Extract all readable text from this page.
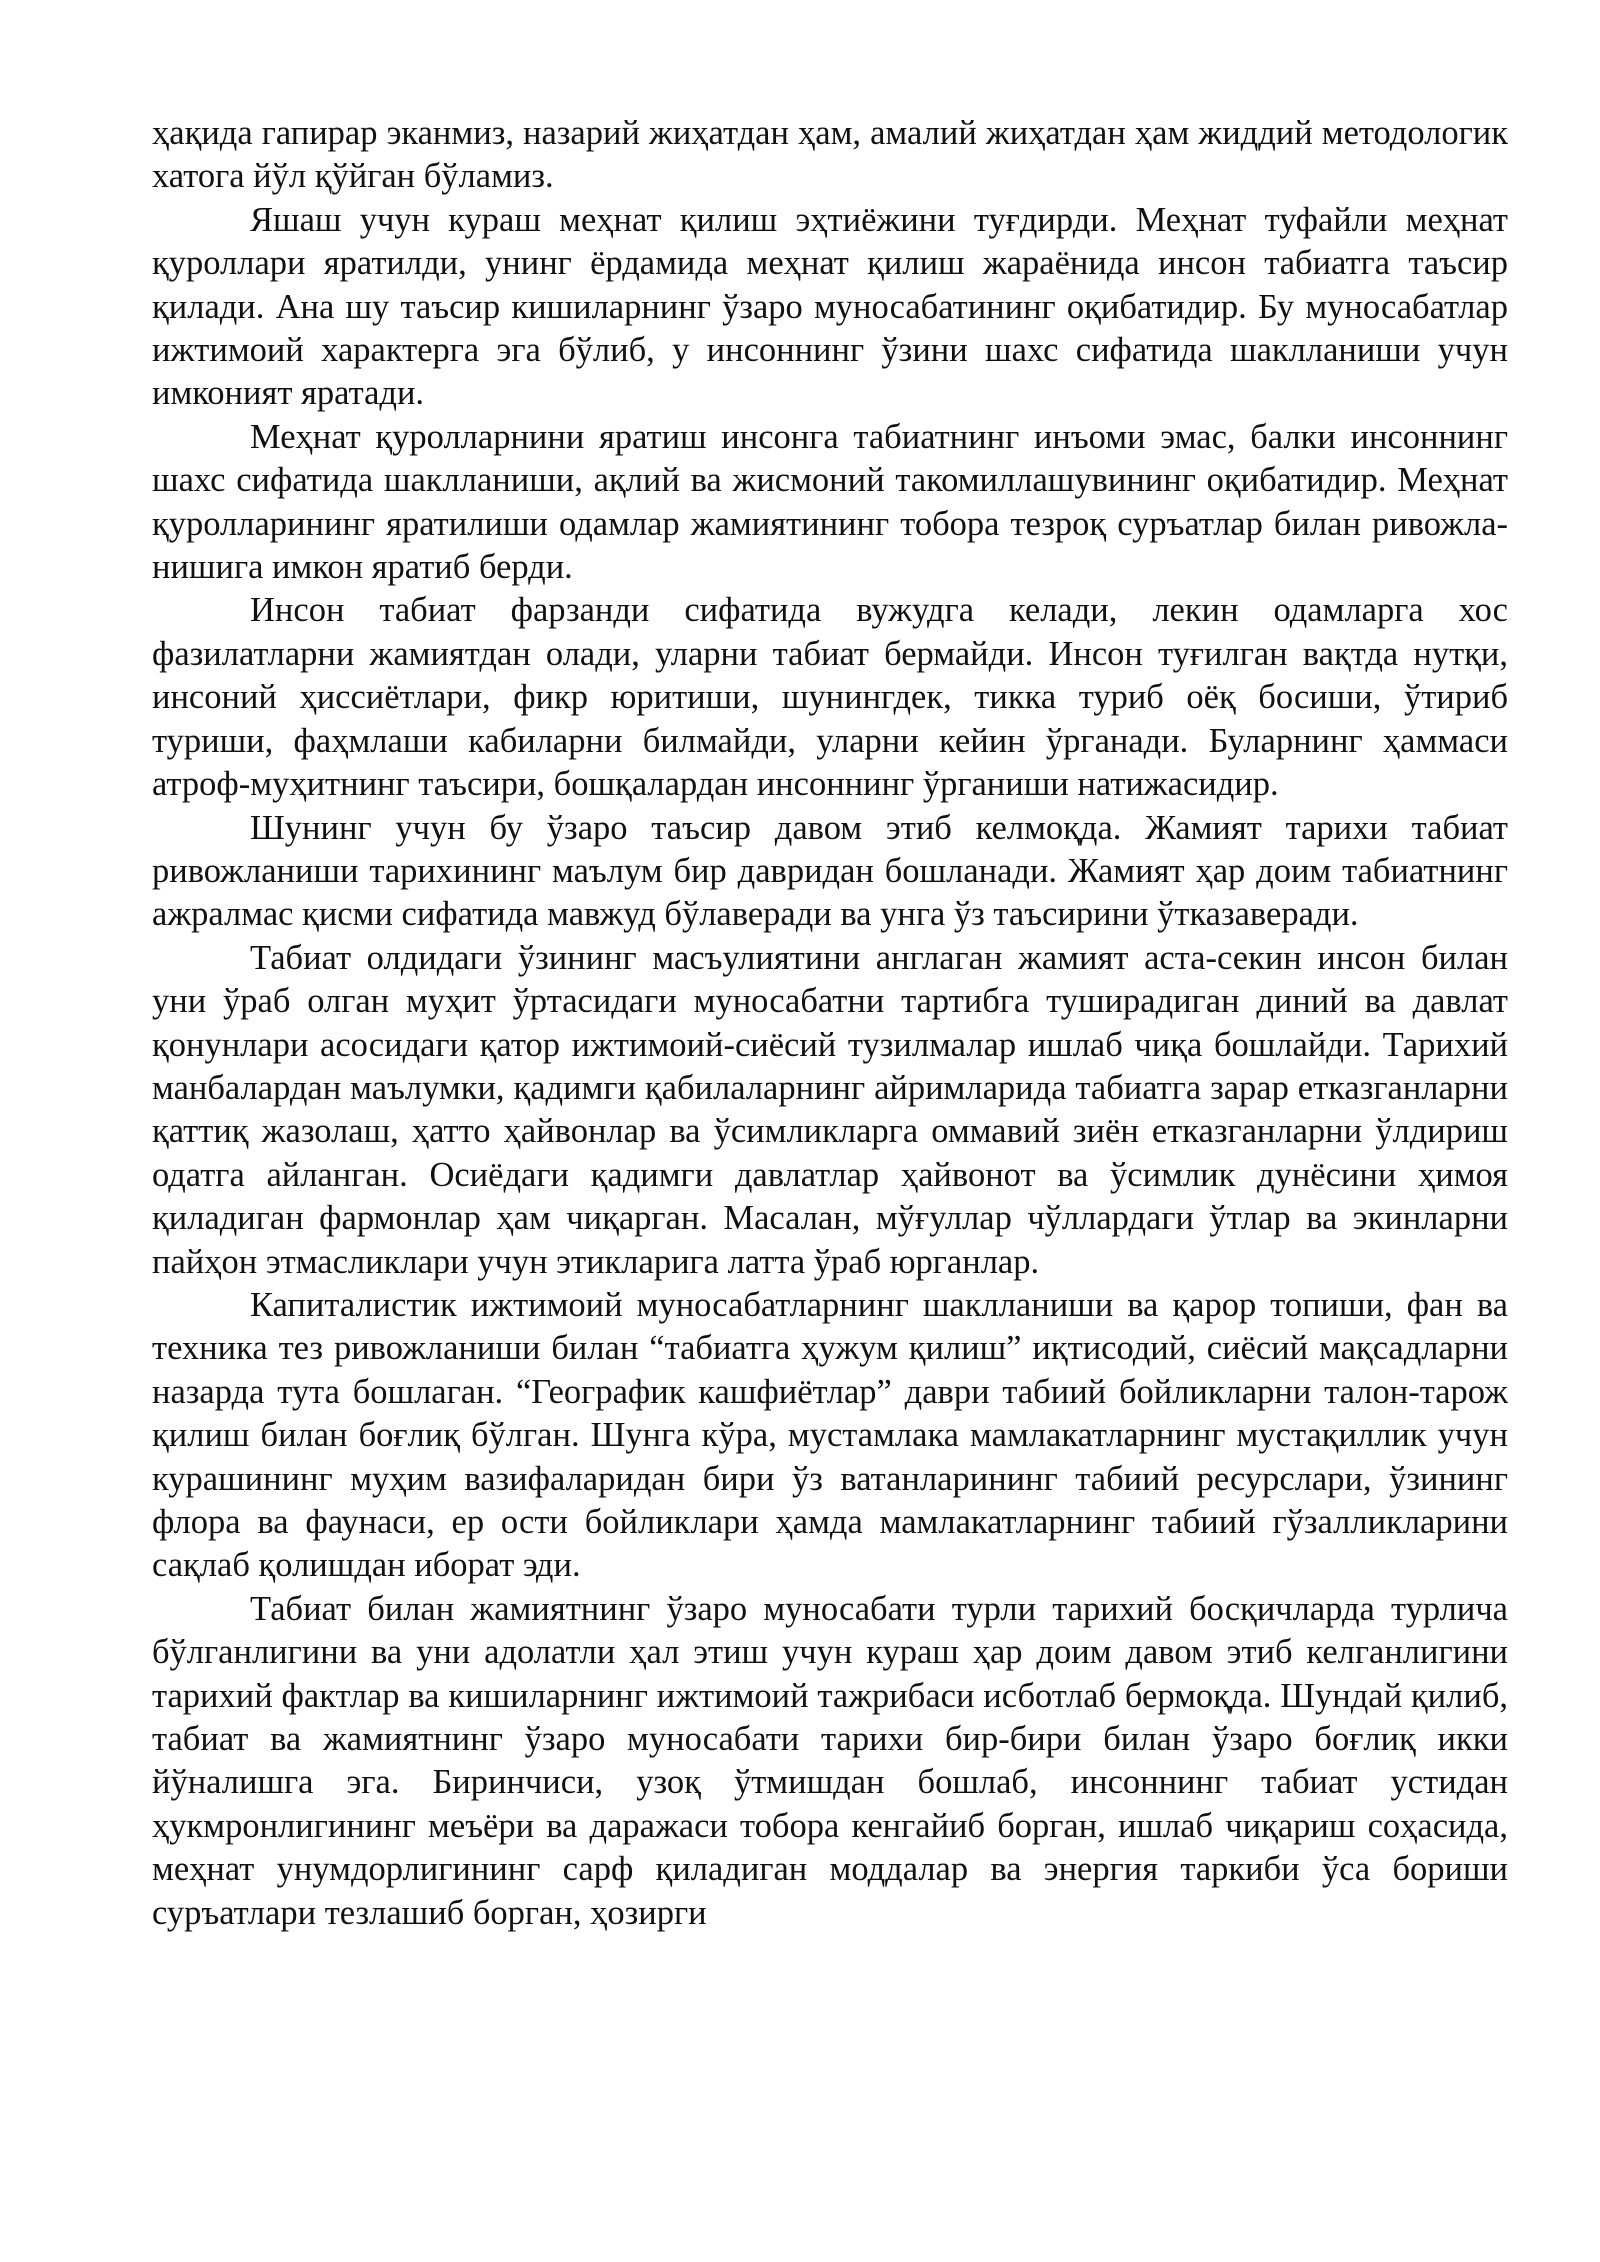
ҳақида гапирар эканмиз, назарий жиҳатдан ҳам, амалий жиҳатдан ҳам жиддий методологик хатога йўл қўйган бўламиз.

Яшаш учун кураш меҳнат қилиш эҳтиёжини туғдирди. Меҳнат туфайли меҳнат қуроллари яратилди, унинг ёрдамида меҳнат қилиш жараёнида инсон табиатга таъсир қилади. Ана шу таъсир кишиларнинг ўзаро муносабатининг оқибатидир. Бу муносабатлар ижтимоий характерга эга бўлиб, у инсоннинг ўзини шахс сифатида шаклланиши учун имконият яратади.

Меҳнат қуролларнини яратиш инсонга табиатнинг инъоми эмас, балки инсоннинг шахс сифатида шаклланиши, ақлий ва жисмоний такомиллашувининг оқибатидир. Меҳнат қуролларининг яратилиши одамлар жамиятининг тобора тезроқ суръатлар билан ривожла-нишига имкон яратиб берди.

Инсон табиат фарзанди сифатида вужудга келади, лекин одамларга хос фазилатларни жамиятдан олади, уларни табиат бермайди. Инсон туғилган вақтда нутқи, инсоний ҳиссиётлари, фикр юритиши, шунингдек, тикка туриб оёқ босиши, ўтириб туриши, фаҳмлаши кабиларни билмайди, уларни кейин ўрганади. Буларнинг ҳаммаси атроф-муҳитнинг таъсири, бошқалардан инсоннинг ўрганиши натижасидир.

Шунинг учун бу ўзаро таъсир давом этиб келмоқда. Жамият тарихи табиат ривожланиши тарихининг маълум бир давридан бошланади. Жамият ҳар доим табиатнинг ажралмас қисми сифатида мавжуд бўлаверади ва унга ўз таъсирини ўтказаверади.

Табиат олдидаги ўзининг масъулиятини англаган жамият аста-секин инсон билан уни ўраб олган муҳит ўртасидаги муносабатни тартибга туширадиган диний ва давлат қонунлари асосидаги қатор ижтимоий-сиёсий тузилмалар ишлаб чиқа бошлайди. Тарихий манбалардан маълумки, қадимги қабилаларнинг айримларида табиатга зарар етказганларни қаттиқ жазолаш, ҳатто ҳайвонлар ва ўсимликларга оммавий зиён етказганларни ўлдириш одатга айланган. Осиёдаги қадимги давлатлар ҳайвонот ва ўсимлик дунёсини ҳимоя қиладиган фармонлар ҳам чиқарган. Масалан, мўғуллар чўллардаги ўтлар ва экинларни пайҳон этмасликлари учун этикларига латта ўраб юрганлар.

Капиталистик ижтимоий муносабатларнинг шаклланиши ва қарор топиши, фан ва техника тез ривожланиши билан “табиатга ҳужум қилиш” иқтисодий, сиёсий мақсадларни назарда тута бошлаган. “Географик кашфиётлар” даври табиий бойликларни талон-тарож қилиш билан боғлиқ бўлган. Шунга кўра, мустамлака мамлакатларнинг мустақиллик учун курашининг муҳим вазифаларидан бири ўз ватанларининг табиий ресурслари, ўзининг флора ва фаунаси, ер ости бойликлари ҳамда мамлакатларнинг табиий гўзалликларини сақлаб қолишдан иборат эди.

Табиат билан жамиятнинг ўзаро муносабати турли тарихий босқичларда турлича бўлганлигини ва уни адолатли ҳал этиш учун кураш ҳар доим давом этиб келганлигини тарихий фактлар ва кишиларнинг ижтимоий тажрибаси исботлаб бермоқда. Шундай қилиб, табиат ва жамиятнинг ўзаро муносабати тарихи бир-бири билан ўзаро боғлиқ икки йўналишга эга. Биринчиси, узоқ ўтмишдан бошлаб, инсоннинг табиат устидан ҳукмронлигининг меъёри ва даражаси тобора кенгайиб борган, ишлаб чиқариш соҳасида, меҳнат унумдорлигининг сарф қиладиган моддалар ва энергия таркиби ўса бориши суръатлари тезлашиб борган, ҳозирги
